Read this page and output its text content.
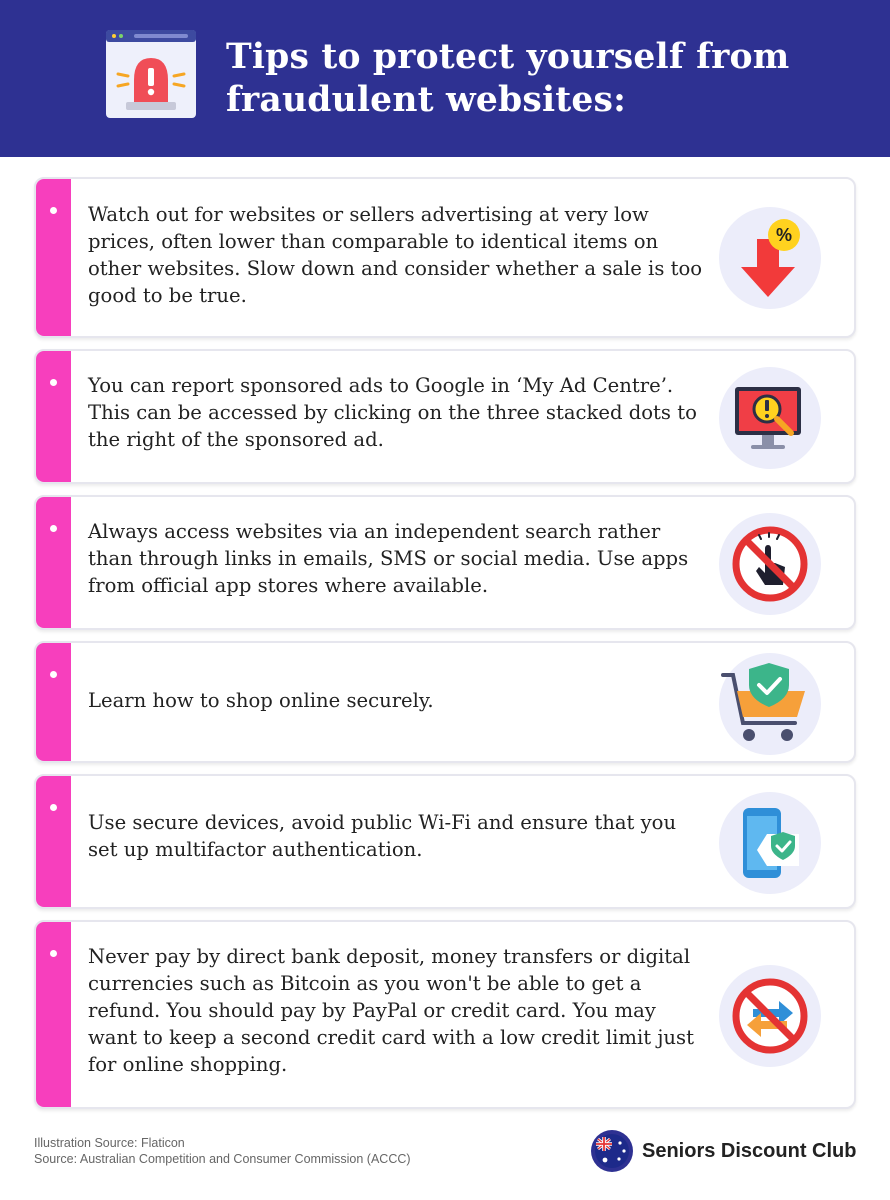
Tips to protect yourself from
fraudulent websites:
Watch out for websites or sellers advertising at very low prices, often lower than comparable to identical items on other websites. Slow down and consider whether a sale is too good to be true.
%
You can report sponsored ads to Google in ‘My Ad Centre’. This can be accessed by clicking on the three stacked dots to the right of the sponsored ad.
Always access websites via an independent search rather than through links in emails, SMS or social media. Use apps from official app stores where available.
Learn how to shop online securely.
Use secure devices, avoid public Wi-Fi and ensure that you set up multifactor authentication.
Never pay by direct bank deposit, money transfers or digital currencies such as Bitcoin as you won't be able to get a refund. You should pay by PayPal or credit card. You may want to keep a second credit card with a low credit limit just for online shopping.
Illustration Source: Flaticon
Source: Australian Competition and Consumer Commission (ACCC)	Seniors Discount Club
